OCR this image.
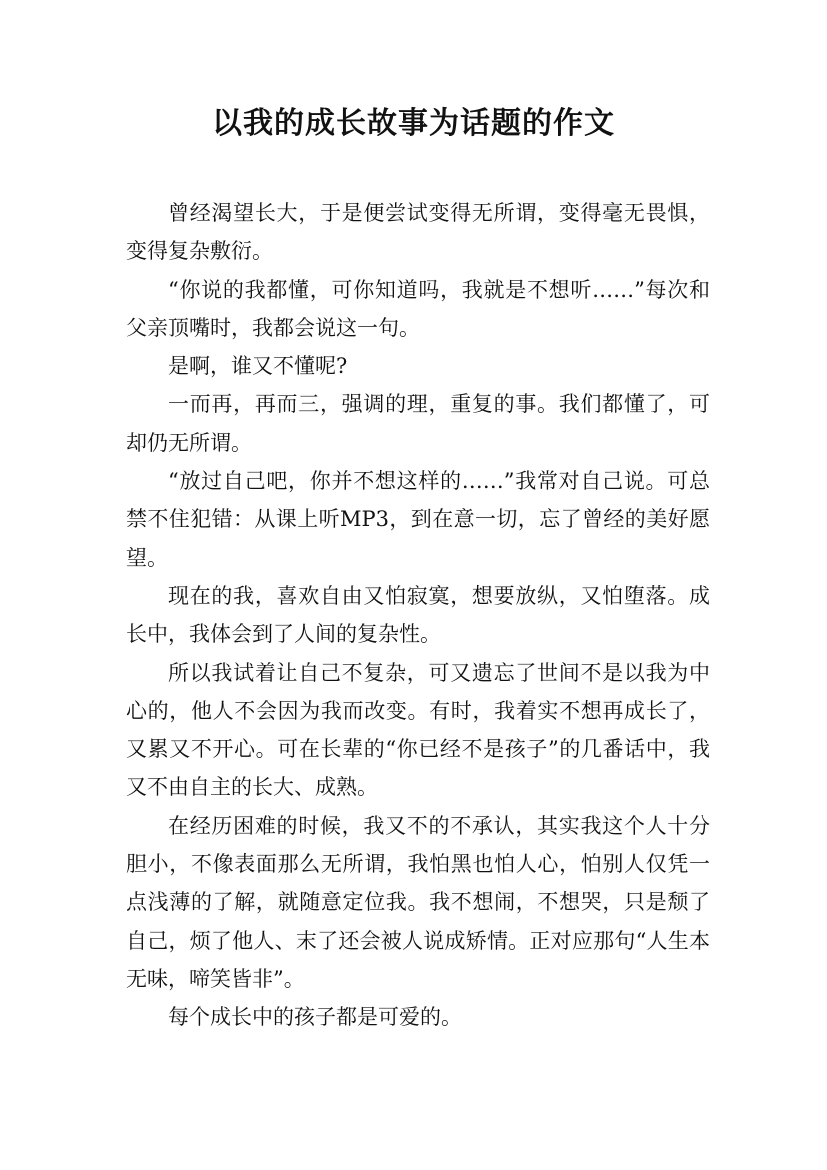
以我的成长故事为话题的作文

曾经渴望长大，于是便尝试变得无所谓，变得毫无畏惧，变得复杂敷衍。

“你说的我都懂，可你知道吗，我就是不想听……”每次和父亲顶嘴时，我都会说这一句。

是啊，谁又不懂呢?

一而再，再而三，强调的理，重复的事。我们都懂了，可却仍无所谓。

“放过自己吧，你并不想这样的……”我常对自己说。可总禁不住犯错：从课上听MP3，到在意一切，忘了曾经的美好愿望。

现在的我，喜欢自由又怕寂寞，想要放纵，又怕堕落。成长中，我体会到了人间的复杂性。

所以我试着让自己不复杂，可又遗忘了世间不是以我为中心的，他人不会因为我而改变。有时，我着实不想再成长了，又累又不开心。可在长辈的“你已经不是孩子”的几番话中，我又不由自主的长大、成熟。

在经历困难的时候，我又不的不承认，其实我这个人十分胆小，不像表面那么无所谓，我怕黑也怕人心，怕别人仅凭一点浅薄的了解，就随意定位我。我不想闹，不想哭，只是颓了自己，烦了他人、末了还会被人说成矫情。正对应那句“人生本无味，啼笑皆非”。

每个成长中的孩子都是可爱的。
